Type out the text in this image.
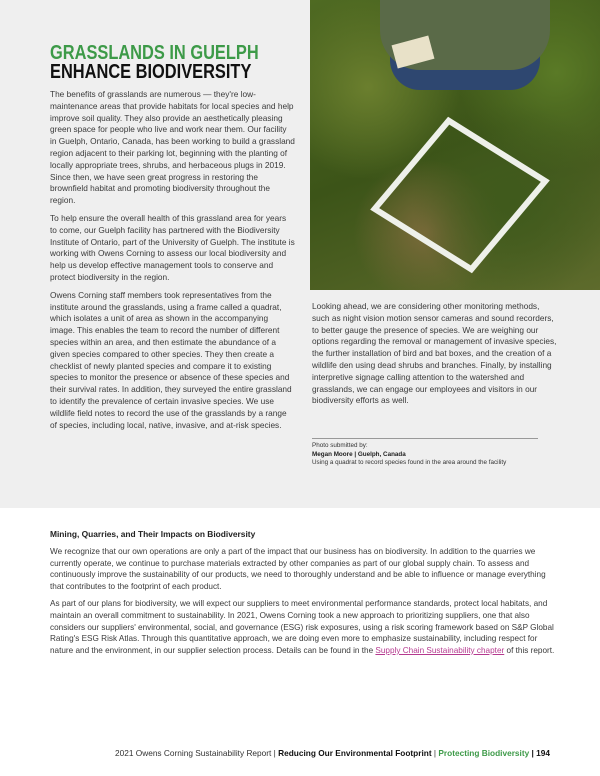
GRASSLANDS IN GUELPH
ENHANCE BIODIVERSITY

The benefits of grasslands are numerous — they're low-maintenance areas that provide habitats for local species and help improve soil quality. They also provide an aesthetically pleasing green space for people who live and work near them. Our facility in Guelph, Ontario, Canada, has been working to build a grassland region adjacent to their parking lot, beginning with the planting of locally appropriate trees, shrubs, and herbaceous plugs in 2019. Since then, we have seen great progress in restoring the brownfield habitat and promoting biodiversity throughout the region.

To help ensure the overall health of this grassland area for years to come, our Guelph facility has partnered with the Biodiversity Institute of Ontario, part of the University of Guelph. The institute is working with Owens Corning to assess our local biodiversity and help us develop effective management tools to conserve and protect biodiversity in the region.

Owens Corning staff members took representatives from the institute around the grasslands, using a frame called a quadrat, which isolates a unit of area as shown in the accompanying image. This enables the team to record the number of different species within an area, and then estimate the abundance of a given species compared to other species. They then create a checklist of newly planted species and compare it to existing species to monitor the presence or absence of these species and their survival rates. In addition, they surveyed the entire grassland to identify the prevalence of certain invasive species. We use wildlife field notes to record the use of the grasslands by a range of species, including local, native, invasive, and at-risk species.

Looking ahead, we are considering other monitoring methods, such as night vision motion sensor cameras and sound recorders, to better gauge the presence of species. We are weighing our options regarding the removal or management of invasive species, the further installation of bird and bat boxes, and the creation of a wildlife den using dead shrubs and branches. Finally, by installing interpretive signage calling attention to the watershed and grasslands, we can engage our employees and visitors in our biodiversity efforts as well.

Photo submitted by:
Megan Moore | Guelph, Canada
Using a quadrat to record species found in the area around the facility
Mining, Quarries, and Their Impacts on Biodiversity

We recognize that our own operations are only a part of the impact that our business has on biodiversity. In addition to the quarries we currently operate, we continue to purchase materials extracted by other companies as part of our global supply chain. To assess and continuously improve the sustainability of our products, we need to thoroughly understand and be able to influence or manage everything that contributes to the footprint of each product.

As part of our plans for biodiversity, we will expect our suppliers to meet environmental performance standards, protect local habitats, and maintain an overall commitment to sustainability. In 2021, Owens Corning took a new approach to prioritizing suppliers, one that also considers our suppliers' environmental, social, and governance (ESG) risk exposures, using a risk scoring framework based on S&P Global Rating's ESG Risk Atlas. Through this quantitative approach, we are doing even more to emphasize sustainability, including respect for nature and the environment, in our supplier selection process. Details can be found in the Supply Chain Sustainability chapter of this report.

2021 Owens Corning Sustainability Report | Reducing Our Environmental Footprint | Protecting Biodiversity | 194
